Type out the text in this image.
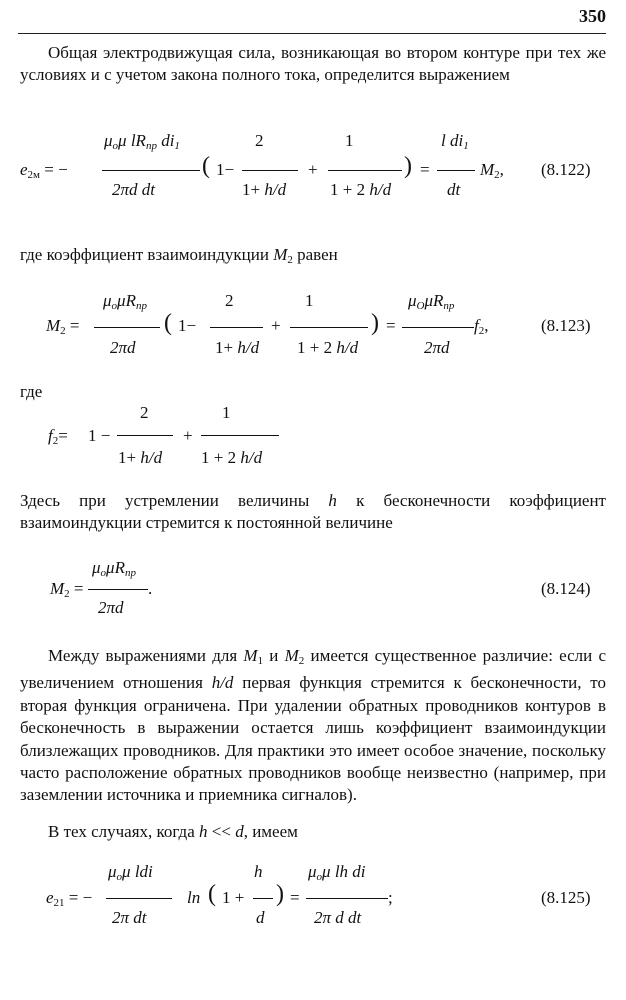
350

Общая электродвижущая сила, возникающая во втором контуре при тех же условиях и с учетом закона полного тока, определится выражением

$\mu_o\mu$ $lR_{пр}$ $di_1$
$e_{2м}$ = −
2πd dt
( 1−
2
1+ h/d
+
1
1 + 2 h/d
) =
l $di_1$
dt
$M_2$, (8.122)
где коэффициент взаимоиндукции $M_2$ равен
$\mu_o\mu R_{пр}$
$M_2$ =
2πd
( 1−
2
1+ h/d
+
1
1 + 2 h/d
) =
$\mu_O\mu R_{пр}$
2πd
$f_2$,	(8.123)
где
$f_2= 1$ −
2
1+ h/d
+
1
1 + 2 h/d

Здесь при устремлении величины h к бесконечности коэффициент взаимоиндукции стремится к постоянной величине

$\mu_o\mu R_{пр}$
$M_2$ =	.
2πd
(8.124)

Между выражениями для $M_1$ и $M_2$ имеется существенное различие: если с увеличением отношения h/d первая функция стремится к бесконечности, то вторая функция ограничена. При удалении обратных проводников контуров в бесконечность в выражении остается лишь коэффициент взаимоиндукции близлежащих проводников. Для практики это имеет особое значение, поскольку часто расположение обратных проводников вообще неизвестно (например, при заземлении источника и приемника сигналов).

В тех случаях, когда h << d, имеем
$\mu_o\mu$ ldi
$e_{21}$ = −
2π dt
ln ( 1 +
h
d
) =
$\mu_o\mu$ lh di
;
2π d dt
(8.125)
